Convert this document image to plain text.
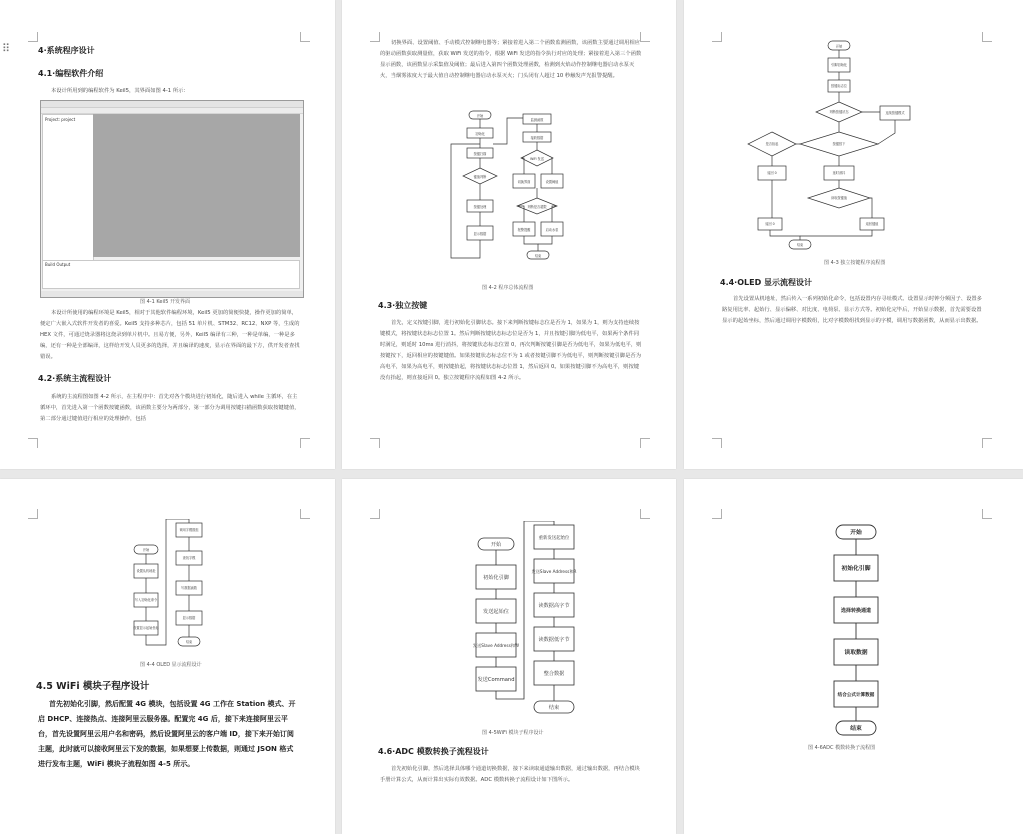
⠿	4·系统程序设计
4.1·编程软件介绍
本设计所用到的编程软件为 Keil5，其界面如图 4-1 所示：
Project: project
Build Output
图 4-1 Keil5 开发界面
本设计所使用的编程环境是 Keil5，相对于其他软件编程环境，Keil5 更加的简便快捷，操作更加的简单，便定广大嵌入式软件开发者的喜爱。Keil5 支持多种芯片，包括 51 单片机、STM32、RC12、NXP 等，生成的 HEX 文件，可通过烧录器将这烧录到单片机中。且易方便，另外，Keil5 编译有三种，一种是单编，一种是多编，还有一种是全部编译，这样给开发人员更多的选择，并且编译的速度，显示在界面的最下方，供开发者查找错误。
4.2·系统主流程设计
系统的主流程图如图 4-2 所示，在主程序中：首先对各个模块进行初始化，随后进入 while 主循环，在主循环中，首先进入第一个函数按键函数，该函数主要分为两部分，第一部分为调用按键扫描函数获取按键键值，第二部分通过键值进行相应的处理操作，包括
切换界面、设置阈值、手动模式控制继电器等；紧接着进入第二个函数监测函数，该函数主要通过调用相应的驱动函数获取测量值，获取 WiFi 发送的指令，根据 WiFi 发送的指令执行对应的处理；紧接着进入第三个函数显示函数，该函数显示采集值及阈值；最后进入第四个函数处理函数，检测到火焰动作控制继电器启动水泵灭火，当烟雾浓度大于最大值自动控制继电器启动水泵灭火；门头闭有人超过 10 秒触发声光报警提醒。
开始
初始化
按键扫描
键值判断
按键处理
显示数据
监测函数
接收数据
WiFi 发送
切换界面	设置阈值
判断是否超限
报警提醒	启动水泵
结束
图 4-2 程序总体流程图
4.3·独立按键
首先，定义按键引脚，进行初始化引脚状态。接下来判断按键标志位是否为 1，如果为 1，则为支持连续按键模式，将按键状态标志位置 1。然后判断按键状态标志位是否为 1，并且按键引脚为低电平，如果两个条件同时满足，则延时 10ms 进行消抖，将按键状态标志位置 0，再次判断按键引脚是否为低电平，如果为低电平，则按键按下，返回相应的按键键值。如果按键状态标志位不为 1 或者按键引脚不为低电平，则判断按键引脚是否为高电平，如果为高电平，则按键抬起，将按键状态标志位置 1，然后返回 0。如果按键引脚不为高电平，则按键没有抬起，则直接返回 0。独立按键程序流程如图 4-2 所示。
开始
引脚初始化
按键标志位
判断按键状态	连续按键模式
按键按下
是否抬起
延时消抖
返回 0
读取按键值
返回 0	返回键值
结束
图 4-3 独立按键程序流程图
4.4·OLED 显示流程设计
首先设置从机地址，然后传入一系列初始化命令，包括设置内存寻址模式、设置显示时钟分频因子、设置多路复用比率、起始行、显示偏移、对比度、电荷泵、显示方式等。初始化完毕后，开始显示数据，首先需要设置显示的起始坐标，然后通过调用字模数组，比对字模数组找到显示的字模，调用写数据函数，从而显示出数据。
开始
设置从机地址
写入初始化命令
设置显示起始坐标
调用字模数组
查找字模
写数据函数
显示数据
结束
图 4-4 OLED 显示流程设计
4.5 WiFi 模块子程序设计
首先初始化引脚，然后配置 4G 模块，包括设置 4G 工作在 Station 模式、开启 DHCP、连接热点、连接阿里云服务器。配置完 4G 后，接下来连接阿里云平台，首先设置阿里云用户名和密码，然后设置阿里云的客户端 ID，接下来开始订阅主题，此时就可以接收阿里云下发的数据，如果想要上传数据，则通过 JSON 格式进行发布主题，WiFi 模块子流程如图 4-5 所示。
开始
初始化引脚
发送起始位
发送Slave Address和W
发送Command
重新发送起始位
发送Slave Address和R
读数据高字节
读数据低字节
整合数据
结束
图 4-5WiFi 模块子程序设计
4.6·ADC 模数转换子流程设计
首先初始化引脚，然后选择具体哪个通道切换数据，接下来读取通道输出数据，通过输出数据，再结合模块手册计算公式，从而计算出实际有效数据。ADC 模数转换子流程设计如下图所示。
开始
初始化引脚
选择转换通道
读取数据
结合公式计算数据
结束
图 4-6ADC 模数转换子流程图
